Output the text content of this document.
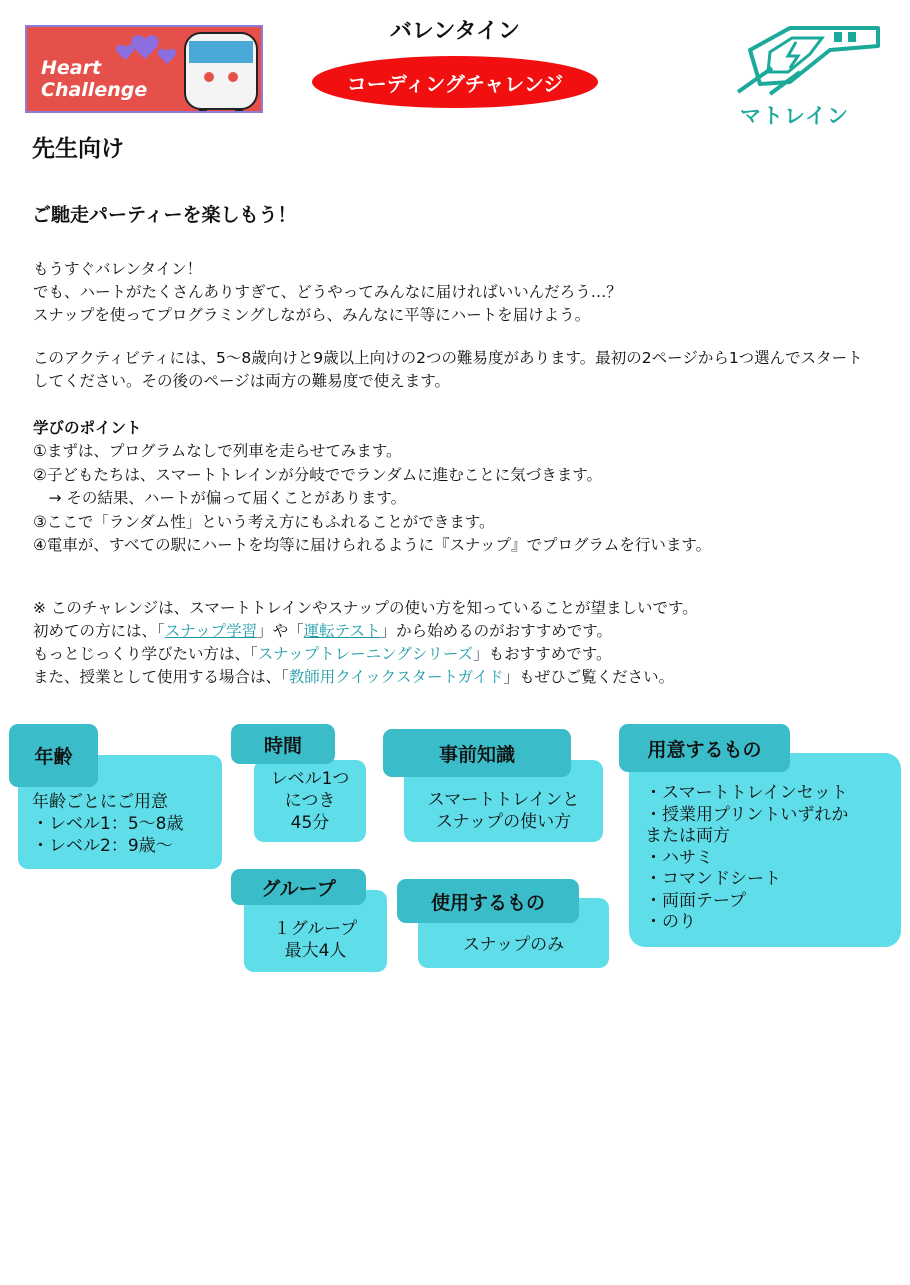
Heart
Challenge
バレンタイン
コーディングチャレンジ
マトレイン
先生向け
ご馳走パーティーを楽しもう！
もうすぐバレンタイン！
でも、ハートがたくさんありすぎて、どうやってみんなに届ければいいんだろう…？
スナップを使ってプログラミングしながら、みんなに平等にハートを届けよう。
このアクティビティには、5〜8歳向けと9歳以上向けの2つの難易度があります。最初の2ページから1つ選んでスタートしてください。その後のページは両方の難易度で使えます。
学びのポイント
①まずは、プログラムなしで列車を走らせてみます。
②子どもたちは、スマートトレインが分岐ででランダムに進むことに気づきます。
　→ その結果、ハートが偏って届くことがあります。
③ここで「ランダム性」という考え方にもふれることができます。
④電車が、すべての駅にハートを均等に届けられるように『スナップ』でプログラムを行います。
※ このチャレンジは、スマートトレインやスナップの使い方を知っていることが望ましいです。
初めての方には、「スナップ学習」や「運転テスト」から始めるのがおすすめです。
もっとじっくり学びたい方は、「スナップトレーニングシリーズ」もおすすめです。
また、授業として使用する場合は、「教師用クイックスタートガイド」もぜひご覧ください。
年齢ごとにご用意
・レベル1：5〜8歳
・レベル2：9歳〜
年齢
レベル1つ
につき
45分
時間
１グループ
最大4人
グループ
スマートトレインと
スナップの使い方
事前知識
スナップのみ
使用するもの
・スマートトレインセット
・授業用プリントいずれか
または両方
・ハサミ
・コマンドシート
・両面テープ
・のり
用意するもの
